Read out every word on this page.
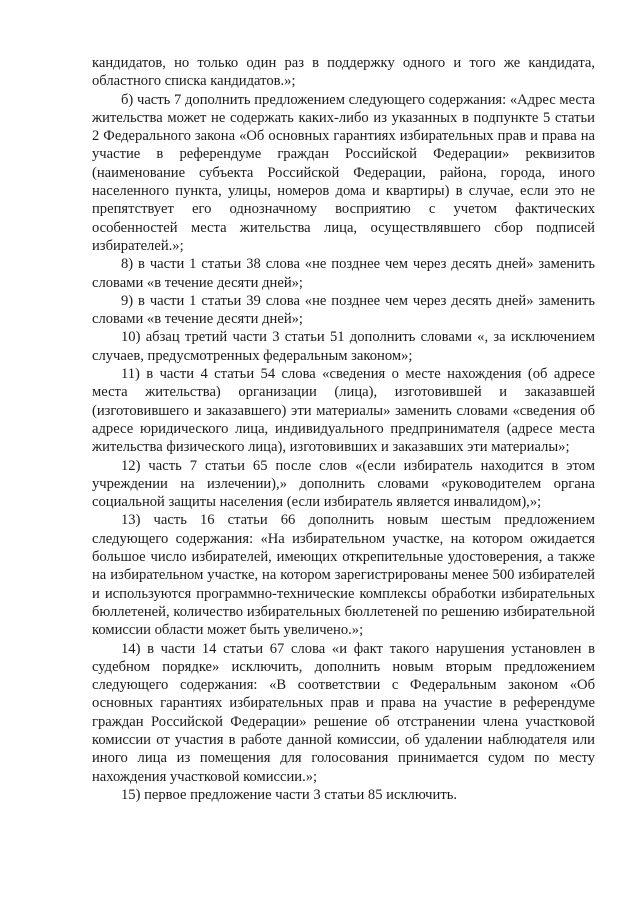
кандидатов, но только один раз в поддержку одного и того же кандидата, областного списка кандидатов.»;

б) часть 7 дополнить предложением следующего содержания: «Адрес места жительства может не содержать каких-либо из указанных в подпункте 5 статьи 2 Федерального закона «Об основных гарантиях избирательных прав и права на участие в референдуме граждан Российской Федерации» реквизитов (наименование субъекта Российской Федерации, района, города, иного населенного пункта, улицы, номеров дома и квартиры) в случае, если это не препятствует его однозначному восприятию с учетом фактических особенностей места жительства лица, осуществлявшего сбор подписей избирателей.»;

8) в части 1 статьи 38 слова «не позднее чем через десять дней» заменить словами «в течение десяти дней»;

9) в части 1 статьи 39 слова «не позднее чем через десять дней» заменить словами «в течение десяти дней»;

10) абзац третий части 3 статьи 51 дополнить словами «, за исключением случаев, предусмотренных федеральным законом»;

11) в части 4 статьи 54 слова «сведения о месте нахождения (об адресе места жительства) организации (лица), изготовившей и заказавшей (изготовившего и заказавшего) эти материалы» заменить словами «сведения об адресе юридического лица, индивидуального предпринимателя (адресе места жительства физического лица), изготовивших и заказавших эти материалы»;

12) часть 7 статьи 65 после слов «(если избиратель находится в этом учреждении на излечении),» дополнить словами «руководителем органа социальной защиты населения (если избиратель является инвалидом),»;

13) часть 16 статьи 66 дополнить новым шестым предложением следующего содержания: «На избирательном участке, на котором ожидается большое число избирателей, имеющих открепительные удостоверения, а также на избирательном участке, на котором зарегистрированы менее 500 избирателей и используются программно-технические комплексы обработки избирательных бюллетеней, количество избирательных бюллетеней по решению избирательной комиссии области может быть увеличено.»;

14) в части 14 статьи 67 слова «и факт такого нарушения установлен в судебном порядке» исключить, дополнить новым вторым предложением следующего содержания: «В соответствии с Федеральным законом «Об основных гарантиях избирательных прав и права на участие в референдуме граждан Российской Федерации» решение об отстранении члена участковой комиссии от участия в работе данной комиссии, об удалении наблюдателя или иного лица из помещения для голосования принимается судом по месту нахождения участковой комиссии.»;

15) первое предложение части 3 статьи 85 исключить.
